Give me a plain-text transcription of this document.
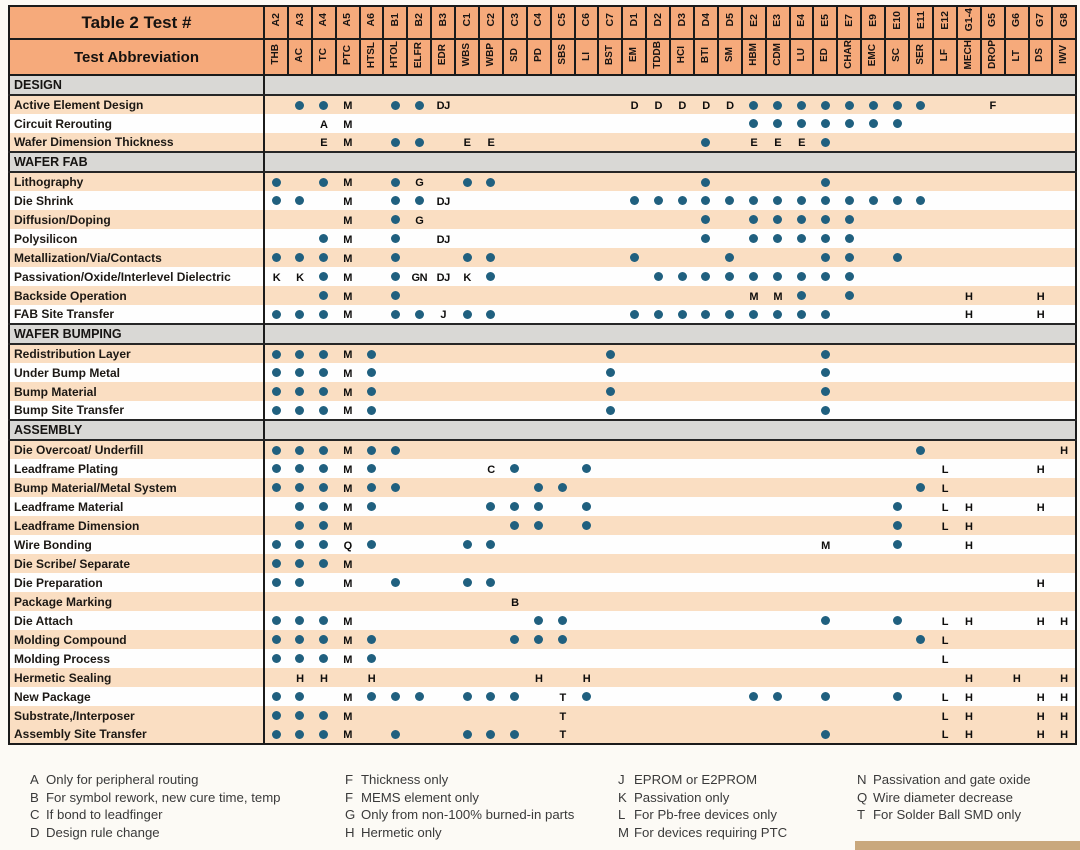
Table 2 Test #	A2	A3	A4	A5	A6	B1	B2	B3	C1	C2	C3	C4	C5	C6	C7	D1	D2	D3	D4	D5	E2	E3	E4	E5	E7	E9	E10	E11	E12	G1-4	G5	G6	G7	G8
Test Abbreviation	THB	AC	TC	PTC	HTSL	HTOL	ELFR	EDR	WBS	WBP	SD	PD	SBS	LI	BST	EM	TDDB	HCI	BTI	SM	HBM	CDM	LU	ED	CHAR	EMC	SC	SER	LF	MECH	DROP	LT	DS	IWV
DESIGN																																		
Active Element Design				M				DJ								D	D	D	D	D											F			
Circuit Rerouting			A	M																														
Wafer Dimension Thickness			E	M					E	E											E	E	E											
WAFER FAB																																		
Lithography				M			G																											
Die Shrink				M				DJ																										
Diffusion/Doping				M			G																											
Polysilicon				M				DJ																										
Metallization/Via/Contacts				M																														
Passivation/Oxide/Interlevel Dielectric	K	K		M			GN	DJ	K																									
Backside Operation				M																	M	M								H			H	
FAB Site Transfer				M				J																						H			H	
WAFER BUMPING																																		
Redistribution Layer				M																														
Under Bump Metal				M																														
Bump Material				M																														
Bump Site Transfer				M																														
ASSEMBLY																																		
Die Overcoat/ Underfill				M																														H
Leadframe Plating				M						C																			L				H	
Bump Material/Metal System				M																									L					
Leadframe Material				M																									L	H			H	
Leadframe Dimension				M																									L	H				
Wire Bonding				Q																				M						H				
Die Scribe/ Separate				M																														
Die Preparation				M																													H	
Package Marking											B																							
Die Attach				M																									L	H			H	H
Molding Compound				M																									L					
Molding Process				M																									L					
Hermetic Sealing		H	H		H							H		H																H		H		H
New Package				M									T																L	H			H	H
Substrate,/Interposer				M									T																L	H			H	H
Assembly Site Transfer				M									T																L	H			H	H
A Only for peripheral routing
B For symbol rework, new cure time, temp
C If bond to leadfinger
D Design rule change
F Thickness only
F MEMS element only
G Only from non-100% burned-in parts
H Hermetic only
J EPROM or E2PROM
K Passivation only
L For Pb-free devices only
M For devices requiring PTC
N Passivation and gate oxide
Q Wire diameter decrease
T For Solder Ball SMD only
